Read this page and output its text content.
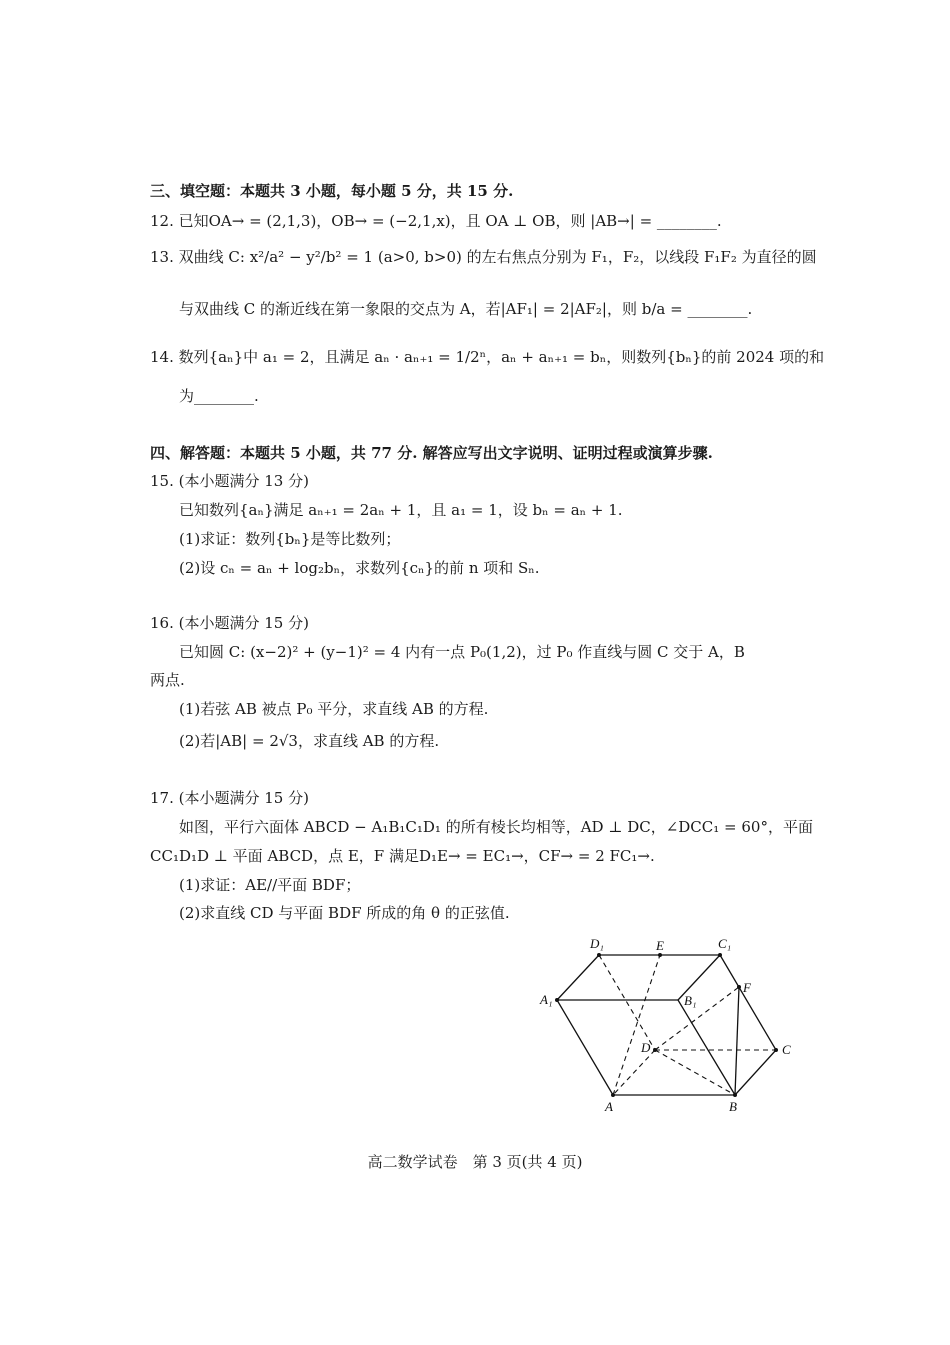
三、填空题：本题共 3 小题，每小题 5 分，共 15 分.
12. 已知OA→ = (2,1,3)，OB→ = (−2,1,x)，且 OA ⊥ OB，则 |AB→| = ________.
13. 双曲线 C: x²/a² − y²/b² = 1 (a>0, b>0) 的左右焦点分别为 F₁，F₂，以线段 F₁F₂ 为直径的圆
与双曲线 C 的渐近线在第一象限的交点为 A，若|AF₁| = 2|AF₂|，则 b/a = ________.
14. 数列{aₙ}中 a₁ = 2，且满足 aₙ · aₙ₊₁ = 1/2ⁿ，aₙ + aₙ₊₁ = bₙ，则数列{bₙ}的前 2024 项的和
为________.
四、解答题：本题共 5 小题，共 77 分. 解答应写出文字说明、证明过程或演算步骤.
15. (本小题满分 13 分)
已知数列{aₙ}满足 aₙ₊₁ = 2aₙ + 1，且 a₁ = 1，设 bₙ = aₙ + 1.
(1)求证：数列{bₙ}是等比数列；
(2)设 cₙ = aₙ + log₂bₙ，求数列{cₙ}的前 n 项和 Sₙ.
16. (本小题满分 15 分)
已知圆 C: (x−2)² + (y−1)² = 4 内有一点 P₀(1,2)，过 P₀ 作直线与圆 C 交于 A，B
两点.
(1)若弦 AB 被点 P₀ 平分，求直线 AB 的方程.
(2)若|AB| = 2√3，求直线 AB 的方程.
17. (本小题满分 15 分)
如图，平行六面体 ABCD − A₁B₁C₁D₁ 的所有棱长均相等，AD ⊥ DC，∠DCC₁ = 60°，平面
CC₁D₁D ⊥ 平面 ABCD，点 E，F 满足D₁E→ = EC₁→，CF→ = 2 FC₁→.
(1)求证：AE//平面 BDF；
(2)求直线 CD 与平面 BDF 所成的角 θ 的正弦值.
D₁	E	C₁
A₁	B₁
F
D	C
A	B
高二数学试卷　第 3 页(共 4 页)
